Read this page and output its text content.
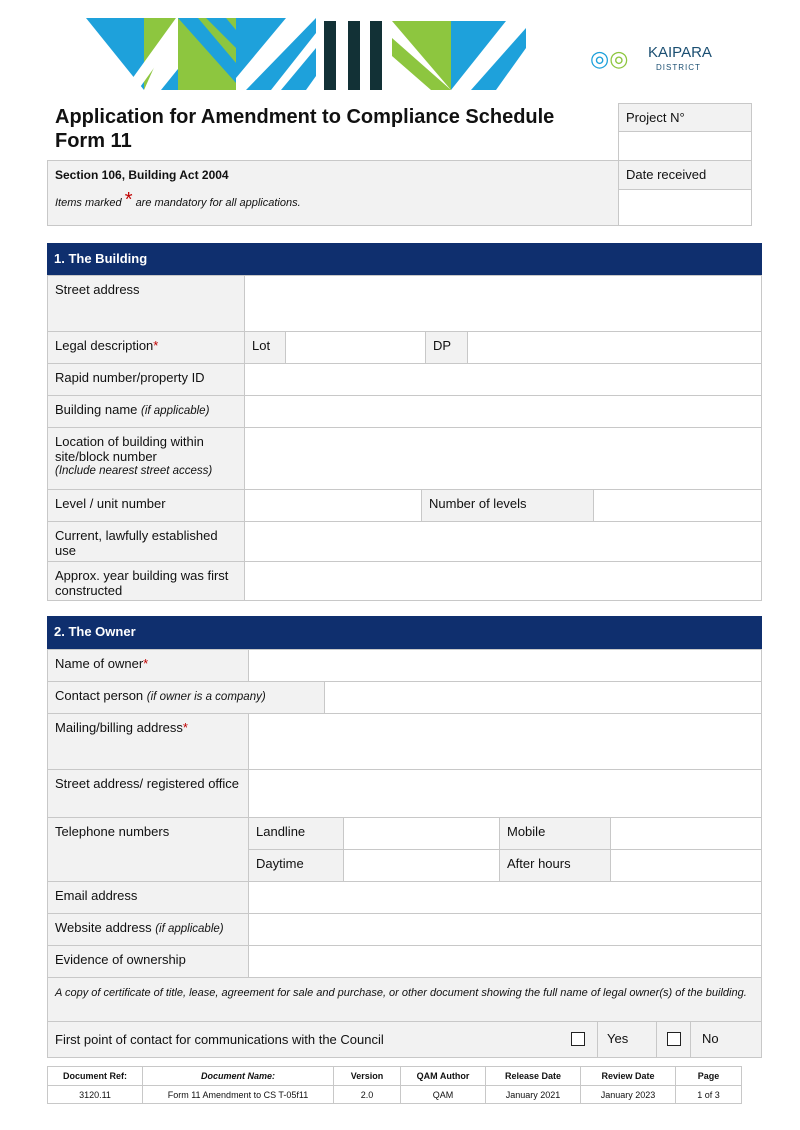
◎◎ KAIPARA
DISTRICT
Application for Amendment to Compliance Schedule
Form 11
Project N°
Date received
Section 106, Building Act 2004
Items marked * are mandatory for all applications.
1. The Building
Street address
Legal description*	Lot	DP
Rapid number/property ID
Building name (if applicable)
Location of building within site/block number
(Include nearest street access)
Level / unit number	Number of levels
Current, lawfully established use
Approx. year building was first constructed
2. The Owner
Name of owner*
Contact person (if owner is a company)
Mailing/billing address*
Street address/ registered office
Telephone numbers	Landline	Mobile
Daytime	After hours
Email address
Website address (if applicable)
Evidence of ownership
A copy of certificate of title, lease, agreement for sale and purchase, or other document showing the full name of legal owner(s) of the building.
First point of contact for communications with the Council	Yes	No
Document Ref:	Document Name:	Version	QAM Author	Release Date	Review Date	Page
3120.11	Form 11 Amendment to CS T-05f11	2.0	QAM	January 2021	January 2023	1 of 3
